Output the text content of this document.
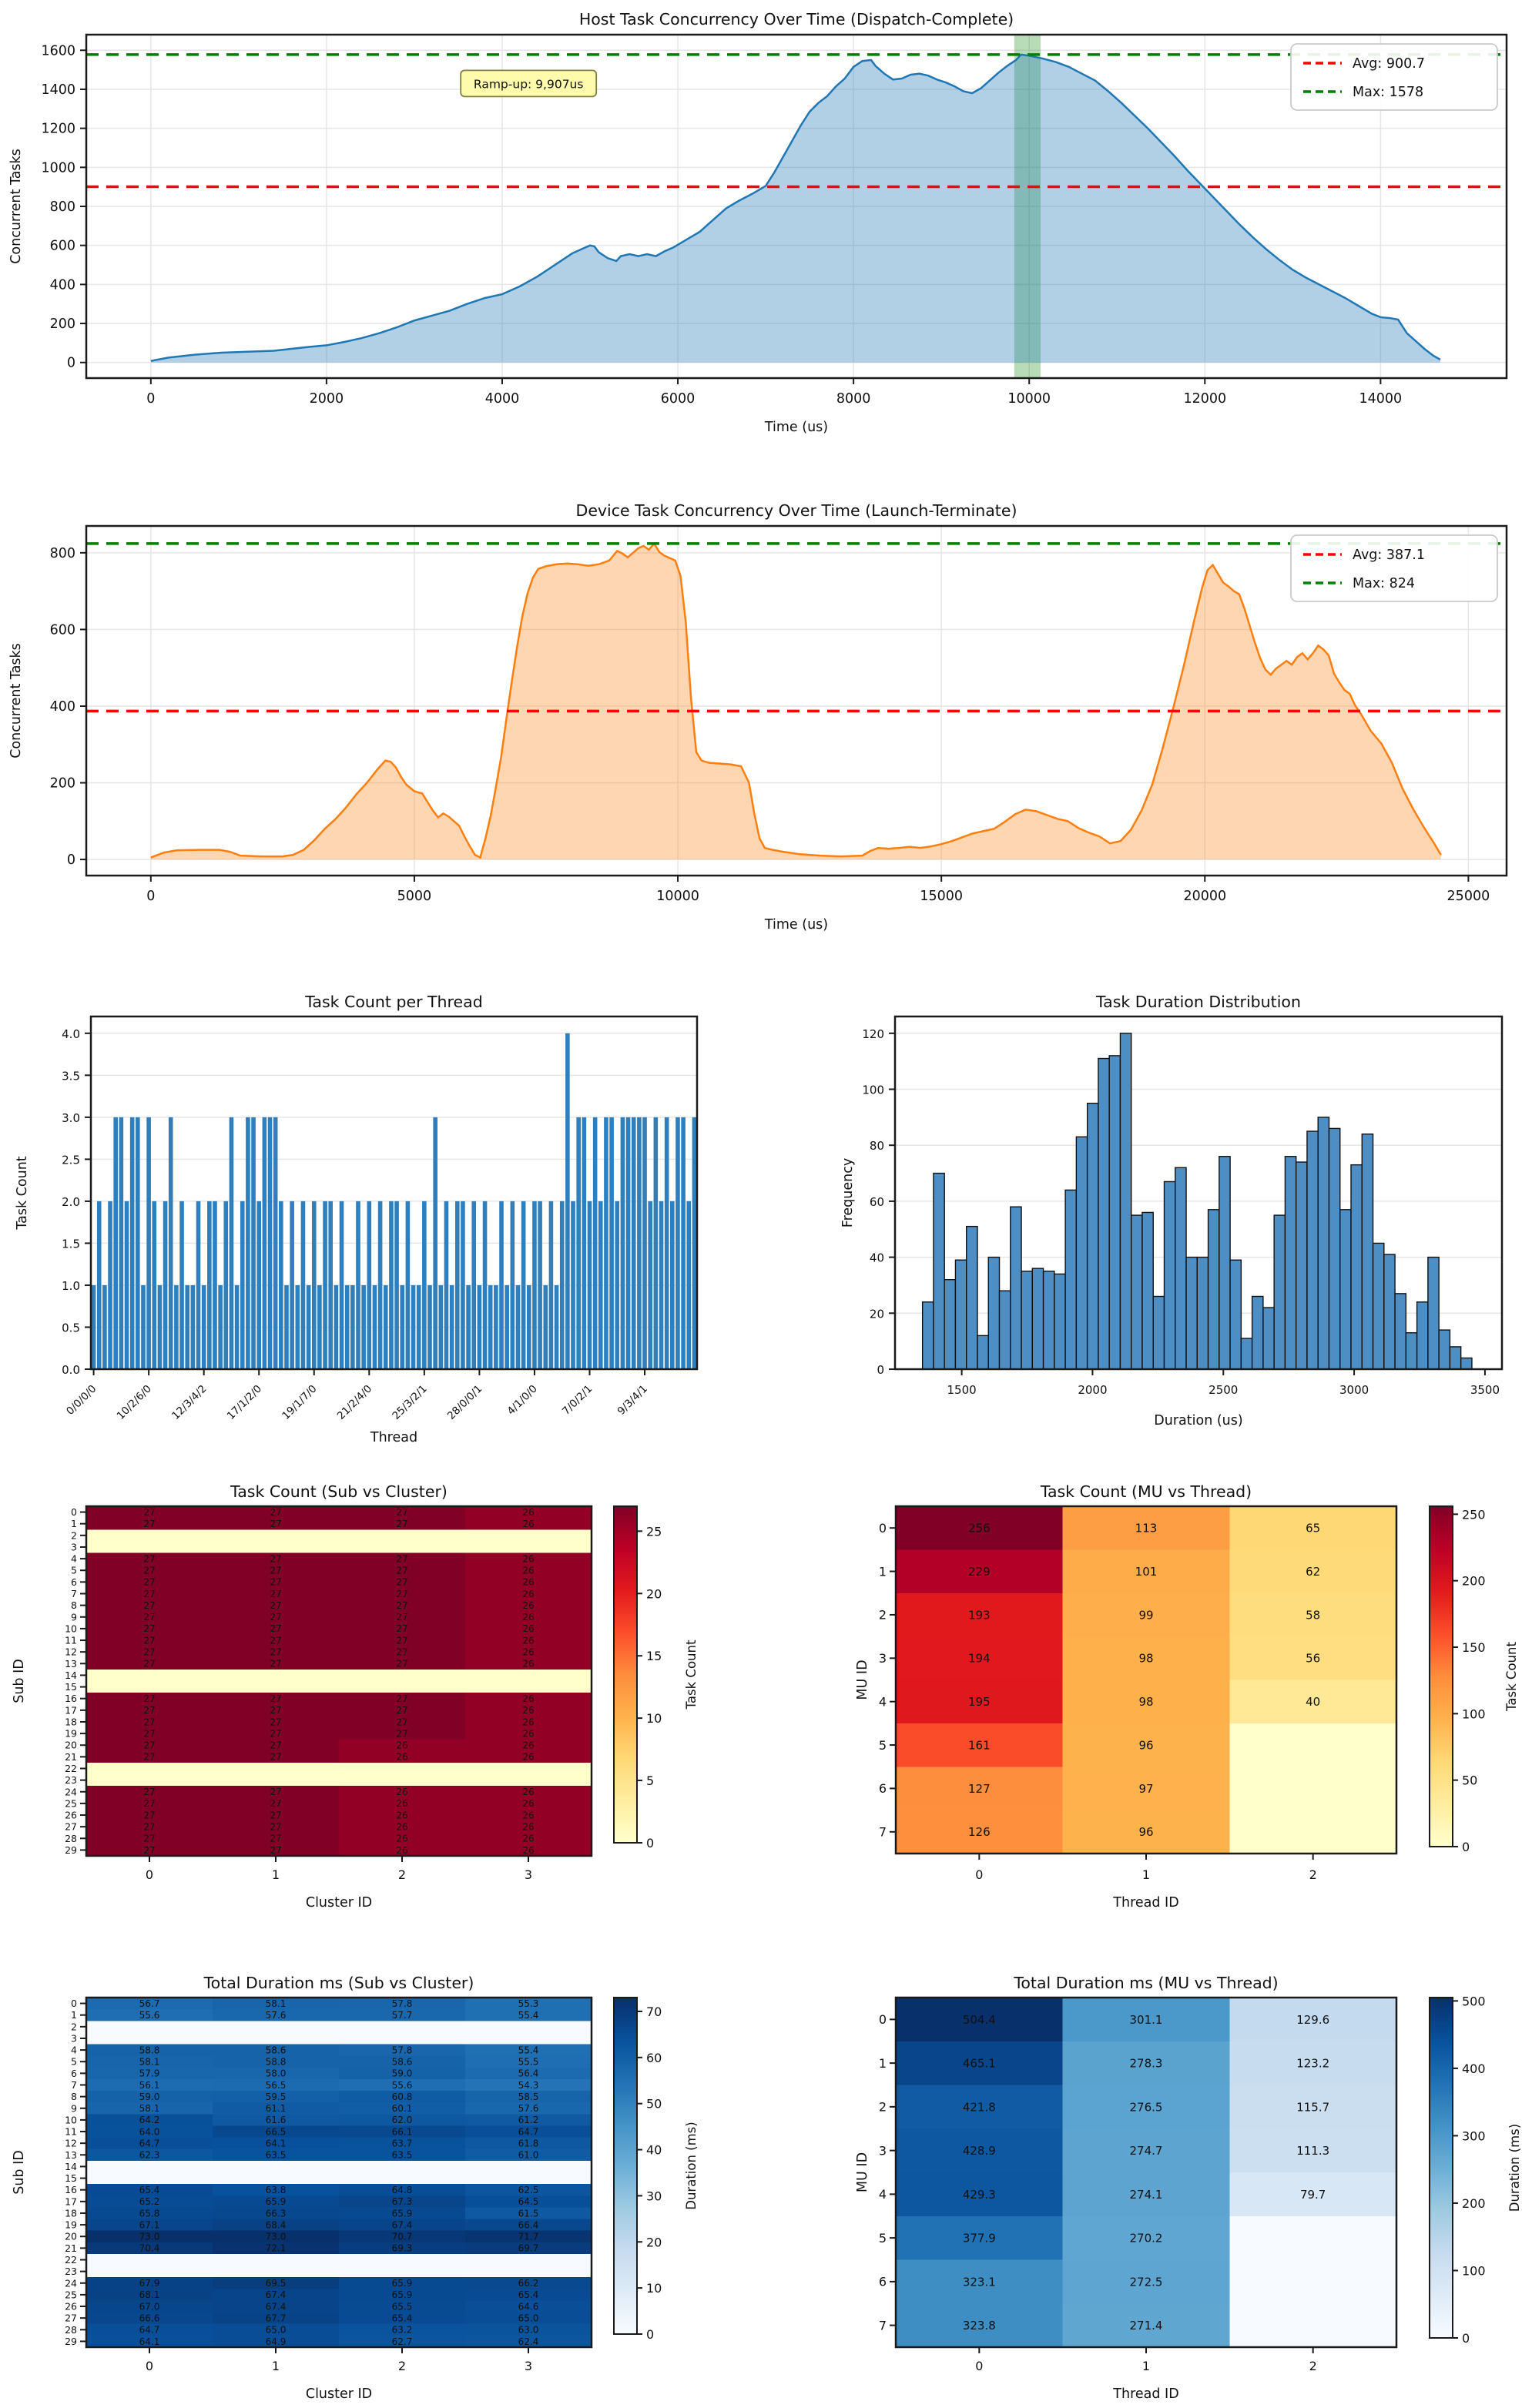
Ramp-up: 9,907us
0	2000	4000	6000	8000	10000	12000	14000
0
200
400
600
800
1000
1200
1400
1600
Host Task Concurrency Over Time (Dispatch-Complete)
Time (us)
Concurrent Tasks
Avg: 900.7
Max: 1578
0	5000	10000	15000	20000	25000
0
200
400
600
800
Device Task Concurrency Over Time (Launch-Terminate)
Time (us)
Concurrent Tasks
Avg: 387.1
Max: 824
0/0/0/0 10/2/6/0 12/3/4/2 17/1/2/0 19/1/7/0 21/2/4/0 25/3/2/1 28/0/0/1 4/1/0/0 7/0/2/1 9/3/4/1
0.0
0.5
1.0
1.5
2.0
2.5
3.0
3.5
4.0
Task Count per Thread
Thread
Task Count
1500	2000	2500	3000	3500
0
20
40
60
80
100
120
Task Duration Distribution
Duration (us)
Frequency
27	27	27	26
27	27	27	26
27	27	27	26
27	27	27	26
27	27	27	26
27	27	27	26
27	27	27	26
27	27	27	26
27	27	27	26
27	27	27	26
27	27	27	26
27	27	27	26
27	27	27	26
27	27	27	26
27	27	27	26
27	27	27	26
27	27	26	26
27	27	26	26
27	27	26	26
27	27	26	26
27	27	26	26
27	27	26	26
27	27	26	26
27	27	26	26
0	1	2	3
0
1
2
3
4
5
6
7
8
9
10
11
12
13
14
15
16
17
18
19
20
21
22
23
24
25
26
27
28
29
Task Count (Sub vs Cluster)
Cluster ID
Sub ID
0
5
10
15
20
25
Task Count
256	113	65
229	101	62
193	99	58
194	98	56
195	98	40
161	96
127	97
126	96
0	1	2
0
1
2
3
4
5
6
7
Task Count (MU vs Thread)
Thread ID
MU ID
0
50
100
150
200
250
Task Count
56.7	58.1	57.8	55.3
55.6	57.6	57.7	55.4
58.8	58.6	57.8	55.4
58.1	58.8	58.6	55.5
57.9	58.0	59.0	56.4
56.1	56.5	55.6	54.3
59.0	59.5	60.8	58.5
58.1	61.1	60.1	57.6
64.2	61.6	62.0	61.2
64.0	66.5	66.1	64.7
64.7	64.1	63.7	61.8
62.3	63.5	63.5	61.0
65.4	63.8	64.8	62.5
65.2	65.9	67.3	64.5
65.8	66.3	65.9	61.5
67.1	68.4	67.4	66.4
73.0	73.0	70.7	71.7
70.4	72.1	69.3	69.7
67.9	69.5	65.9	66.2
68.1	67.4	65.9	65.4
67.0	67.4	65.5	64.6
66.6	67.7	65.4	65.0
64.7	65.0	63.2	63.0
64.1	64.9	62.7	62.4
0	1	2	3
0
1
2
3
4
5
6
7
8
9
10
11
12
13
14
15
16
17
18
19
20
21
22
23
24
25
26
27
28
29
Total Duration ms (Sub vs Cluster)
Cluster ID
Sub ID
0
10
20
30
40
50
60
70
Duration (ms)
504.4	301.1	129.6
465.1	278.3	123.2
421.8	276.5	115.7
428.9	274.7	111.3
429.3	274.1	79.7
377.9	270.2
323.1	272.5
323.8	271.4
0	1	2
0
1
2
3
4
5
6
7
Total Duration ms (MU vs Thread)
Thread ID
MU ID
0
100
200
300
400
500
Duration (ms)
